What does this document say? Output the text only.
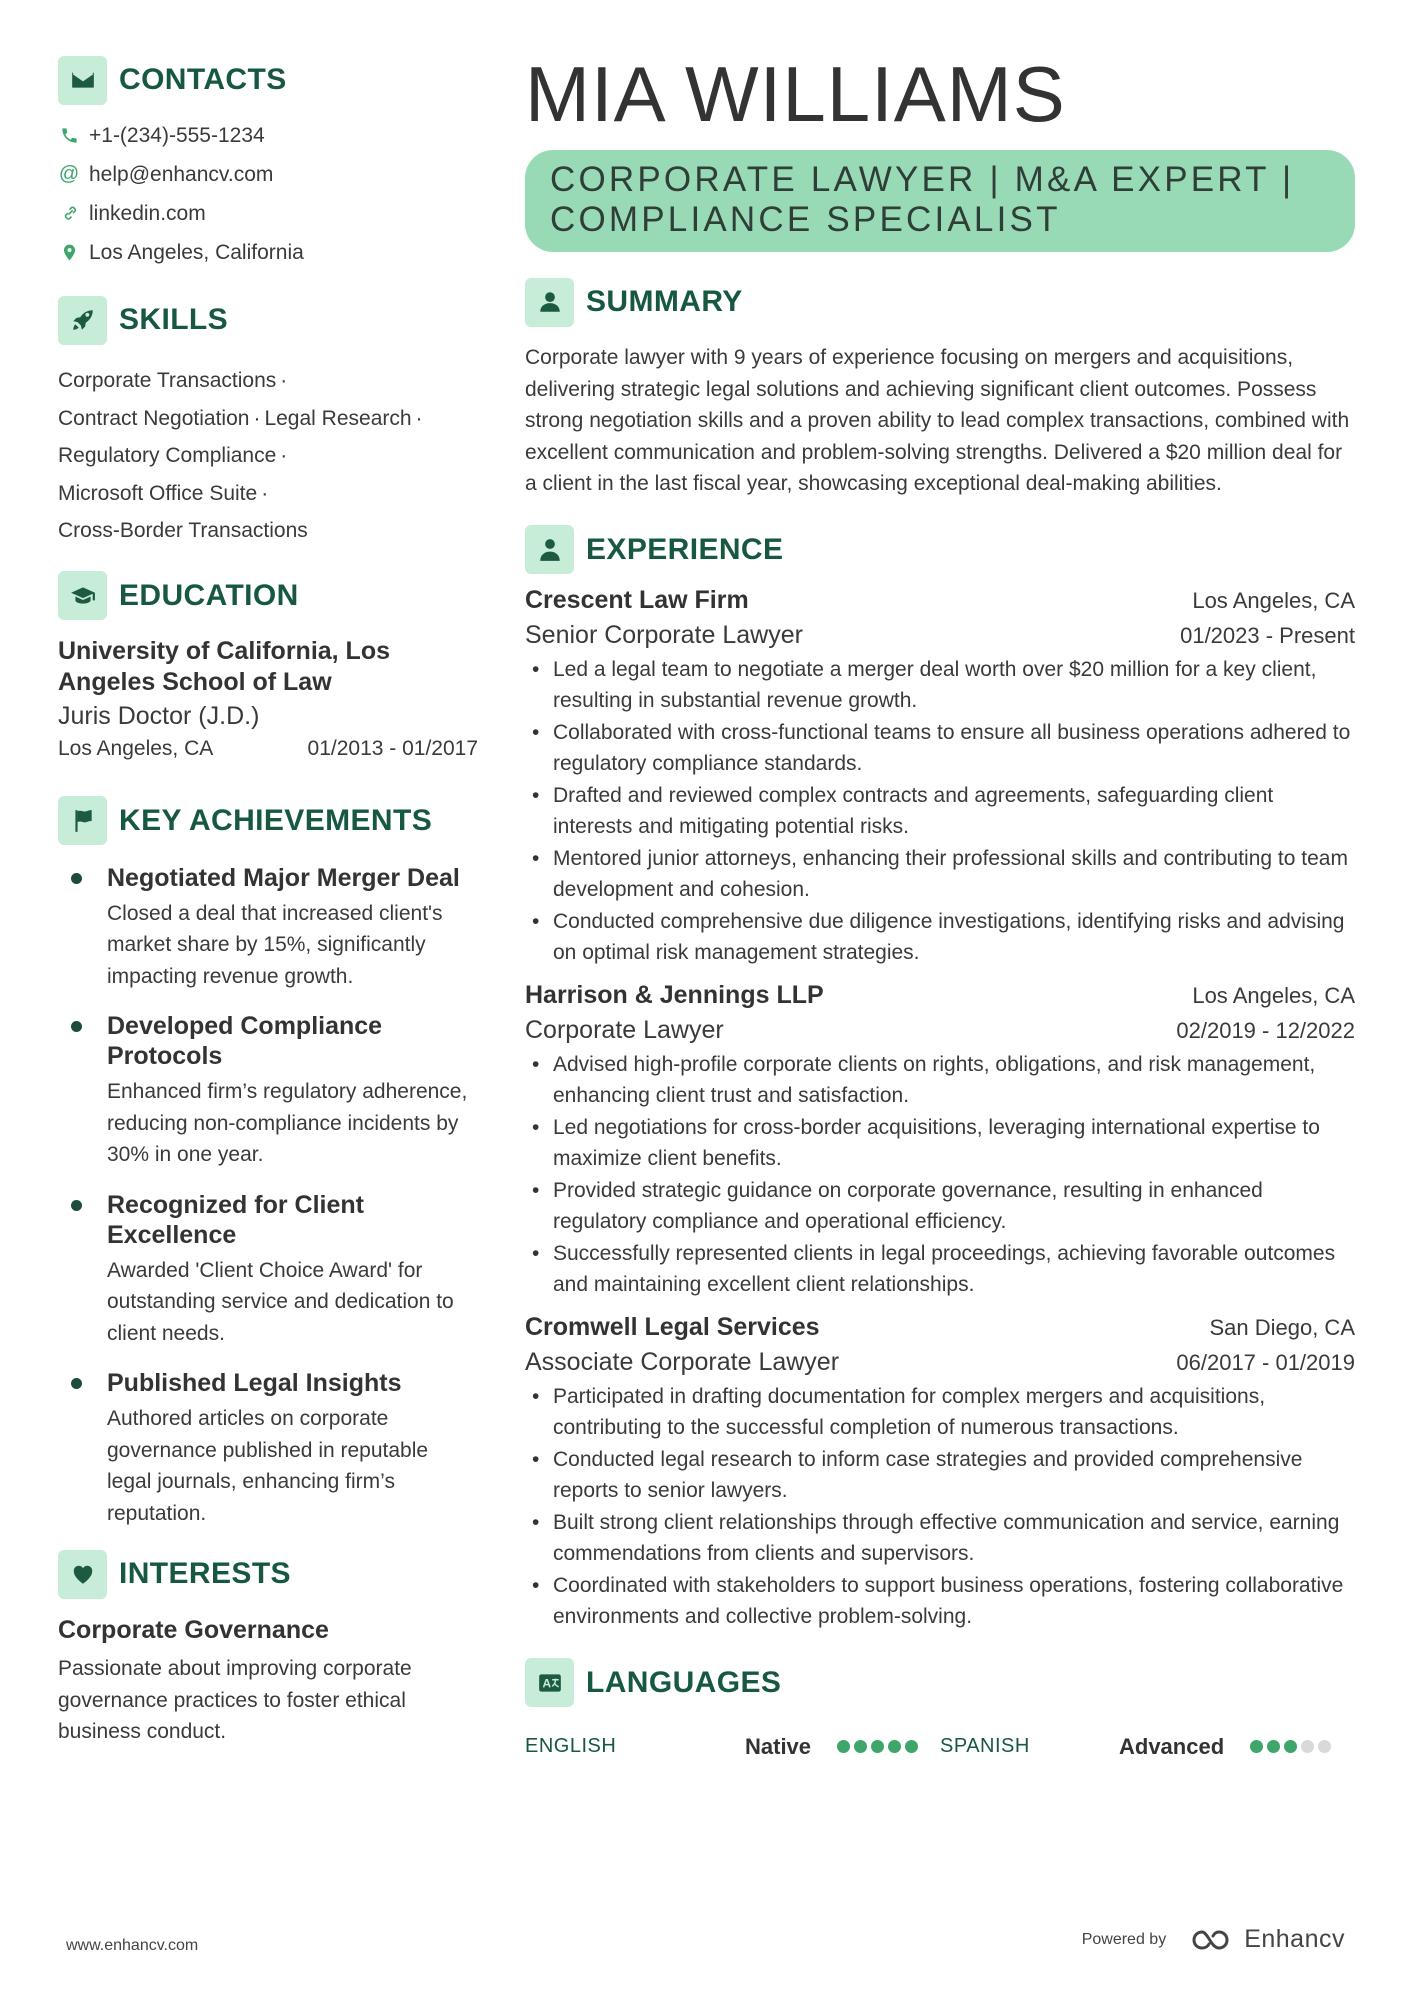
CONTACTS
+1-(234)-555-1234
@ help@enhancv.com
linkedin.com
Los Angeles, California
SKILLS
Corporate Transactions ·
Contract Negotiation · Legal Research ·
Regulatory Compliance ·
Microsoft Office Suite ·
Cross-Border Transactions
EDUCATION
University of California, Los Angeles School of Law
Juris Doctor (J.D.)
Los Angeles, CA	01/2013 - 01/2017
KEY ACHIEVEMENTS
Negotiated Major Merger Deal
Closed a deal that increased client's market share by 15%, significantly impacting revenue growth.
Developed Compliance Protocols
Enhanced firm’s regulatory adherence, reducing non-compliance incidents by 30% in one year.
Recognized for Client Excellence
Awarded 'Client Choice Award' for outstanding service and dedication to client needs.
Published Legal Insights
Authored articles on corporate governance published in reputable legal journals, enhancing firm’s reputation.
INTERESTS
Corporate Governance
Passionate about improving corporate governance practices to foster ethical business conduct.
MIA WILLIAMS
CORPORATE LAWYER | M&A EXPERT | COMPLIANCE SPECIALIST
SUMMARY
Corporate lawyer with 9 years of experience focusing on mergers and acquisitions, delivering strategic legal solutions and achieving significant client outcomes. Possess strong negotiation skills and a proven ability to lead complex transactions, combined with excellent communication and problem-solving strengths. Delivered a $20 million deal for a client in the last fiscal year, showcasing exceptional deal-making abilities.
EXPERIENCE
Crescent Law Firm	Los Angeles, CA
Senior Corporate Lawyer	01/2023 - Present
• Led a legal team to negotiate a merger deal worth over $20 million for a key client, resulting in substantial revenue growth.
• Collaborated with cross-functional teams to ensure all business operations adhered to regulatory compliance standards.
• Drafted and reviewed complex contracts and agreements, safeguarding client interests and mitigating potential risks.
• Mentored junior attorneys, enhancing their professional skills and contributing to team development and cohesion.
• Conducted comprehensive due diligence investigations, identifying risks and advising on optimal risk management strategies.
Harrison & Jennings LLP	Los Angeles, CA
Corporate Lawyer	02/2019 - 12/2022
• Advised high-profile corporate clients on rights, obligations, and risk management, enhancing client trust and satisfaction.
• Led negotiations for cross-border acquisitions, leveraging international expertise to maximize client benefits.
• Provided strategic guidance on corporate governance, resulting in enhanced regulatory compliance and operational efficiency.
• Successfully represented clients in legal proceedings, achieving favorable outcomes and maintaining excellent client relationships.
Cromwell Legal Services	San Diego, CA
Associate Corporate Lawyer	06/2017 - 01/2019
• Participated in drafting documentation for complex mergers and acquisitions, contributing to the successful completion of numerous transactions.
• Conducted legal research to inform case strategies and provided comprehensive reports to senior lawyers.
• Built strong client relationships through effective communication and service, earning commendations from clients and supervisors.
• Coordinated with stakeholders to support business operations, fostering collaborative environments and collective problem-solving.
LANGUAGES
ENGLISH	Native	SPANISH	Advanced
www.enhancv.com	Powered by	Enhancv
